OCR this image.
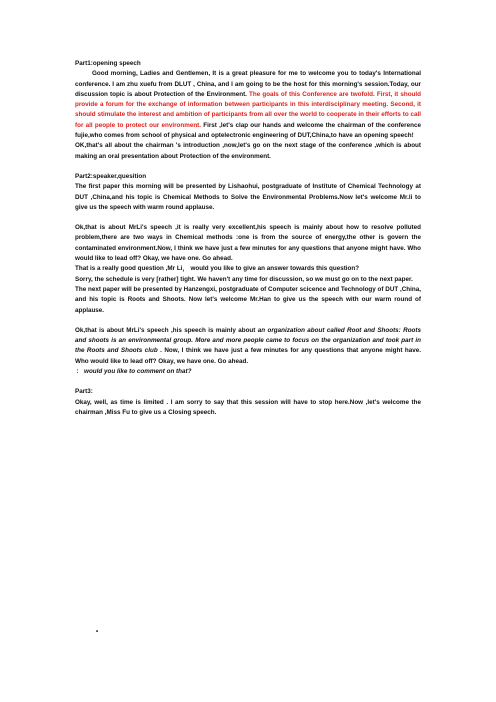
Part1:opening speech

Good morning, Ladies and Gentlemen, It is a great pleasure for me to welcome you to today's International conference. I am zhu xuefu from DLUT , China, and I am going to be the host for this morning's session.Today, our discussion topic is about Protection of the Environment. The goals of this Conference are twofold. First, it should provide a forum for the exchange of information between participants in this interdisciplinary meeting. Second, it should stimulate the interest and ambition of participants from all over the world to cooperate in their efforts to call for all people to protect our environment. First ,let's clap our hands and welcome the chairman of the conference fujie,who comes from school of physical and optelectronic engineering of DUT,China,to have an opening speech!

OK,that's all about the chairman 's introduction ,now,let's go on the next stage of the conference ,which is about making an oral presentation about Protection of the environment.

Part2:speaker,quesition

The first paper this morning will be presented by Lishaohui, postgraduate of Institute of Chemical Technology at DUT ,China,and his topic is Chemical Methods to Solve the Environmental Problems.Now let's welcome Mr.li to give us the speech with warm round applause.

Ok,that is about MrLi's speech ,it is really very excellent,his speech is mainly about how to resolve polluted problem,there are two ways in Chemical methods :one is from the source of energy,the other is govern the contaminated environment.Now, I think we have just a few minutes for any questions that anyone might have. Who would like to lead off? Okay, we have one. Go ahead.

That is a really good question ,Mr Li， would you like to give an answer towards this question?

Sorry, the schedule is very [rather] tight. We haven't any time for discussion, so we must go on to the next paper.

The next paper will be presented by Hanzengxi, postgraduate of Computer scicence and Technology of DUT ,China, and his topic is Roots and Shoots. Now let's welcome Mr.Han to give us the speech with our warm round of applause.

Ok,that is about MrLi's speech ,his speech is mainly about an organization about called Root and Shoots: Roots and shoots is an environmental group. More and more people came to focus on the organization and took part in the Roots and Shoots club . Now, I think we have just a few minutes for any questions that anyone might have. Who would like to lead off? Okay, we have one. Go ahead.

： would you like to comment on that?

Part3:

Okay, well, as time is limited . I am sorry to say that this session will have to stop here.Now ,let's welcome the chairman ,Miss Fu to give us a Closing speech.

•
